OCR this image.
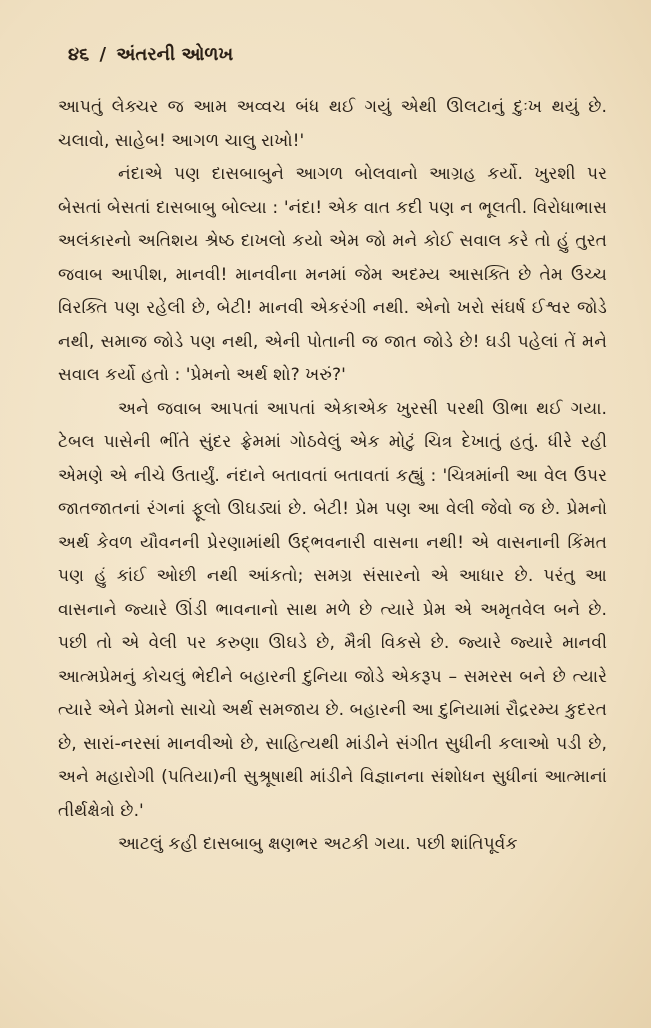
૪૬ / અંતરની ઓળખ

આપતું લેક્ચર જ આમ અવ્વચ બંધ થઈ ગયું એથી ઊલટાનું દુઃખ થયું છે. ચલાવો, સાહેબ! આગળ ચાલુ રાખો!'

નંદાએ પણ દાસબાબુને આગળ બોલવાનો આગ્રહ કર્યો. ખુરશી પર બેસતાં બેસતાં દાસબાબુ બોલ્યા : 'નંદા! એક વાત કદી પણ ન ભૂલતી. વિરોધાભાસ અલંકારનો અતિશય શ્રેષ્ઠ દાખલો કયો એમ જો મને કોઈ સવાલ કરે તો હું તુરત જવાબ આપીશ, માનવી! માનવીના મનમાં જેમ અદમ્ય આસક્તિ છે તેમ ઉચ્ચ વિરક્તિ પણ રહેલી છે, બેટી! માનવી એકરંગી નથી. એનો ખરો સંઘર્ષ ઈશ્વર જોડે નથી, સમાજ જોડે પણ નથી, એની પોતાની જ જાત જોડે છે! ઘડી પહેલાં તેં મને સવાલ કર્યો હતો : 'પ્રેમનો અર્થ શો? ખરું?'

અને જવાબ આપતાં આપતાં એકાએક ખુરસી પરથી ઊભા થઈ ગયા. ટેબલ પાસેની ભીંતે સુંદર ફ્રેમમાં ગોઠવેલું એક મોટું ચિત્ર દેખાતું હતું. ધીરે રહી એમણે એ નીચે ઉતાર્યું. નંદાને બતાવતાં બતાવતાં કહ્યું : 'ચિત્રમાંની આ વેલ ઉપર જાતજાતનાં રંગનાં ફૂલો ઊઘડ્યાં છે. બેટી! પ્રેમ પણ આ વેલી જેવો જ છે. પ્રેમનો અર્થ કેવળ યૌવનની પ્રેરણામાંથી ઉદ્‌ભવનારી વાસના નથી! એ વાસનાની કિંમત પણ હું કાંઈ ઓછી નથી આંકતો; સમગ્ર સંસારનો એ આધાર છે. પરંતુ આ વાસનાને જ્યારે ઊંડી ભાવનાનો સાથ મળે છે ત્યારે પ્રેમ એ અમૃતવેલ બને છે. પછી તો એ વેલી પર કરુણા ઊઘડે છે, મૈત્રી વિકસે છે. જ્યારે જ્યારે માનવી આત્મપ્રેમનું કોચલું ભેદીને બહારની દુનિયા જોડે એકરૂપ – સમરસ બને છે ત્યારે ત્યારે એને પ્રેમનો સાચો અર્થ સમજાય છે. બહારની આ દુનિયામાં રૌદ્રરમ્ય કુદરત છે, સારાં-નરસાં માનવીઓ છે, સાહિત્યથી માંડીને સંગીત સુધીની કલાઓ પડી છે, અને મહારોગી (પતિયા)ની સુશ્રૂષાથી માંડીને વિજ્ઞાનના સંશોધન સુધીનાં આત્માનાં તીર્થક્ષેત્રો છે.'

આટલું કહી દાસબાબુ ક્ષણભર અટકી ગયા. પછી શાંતિપૂર્વક
